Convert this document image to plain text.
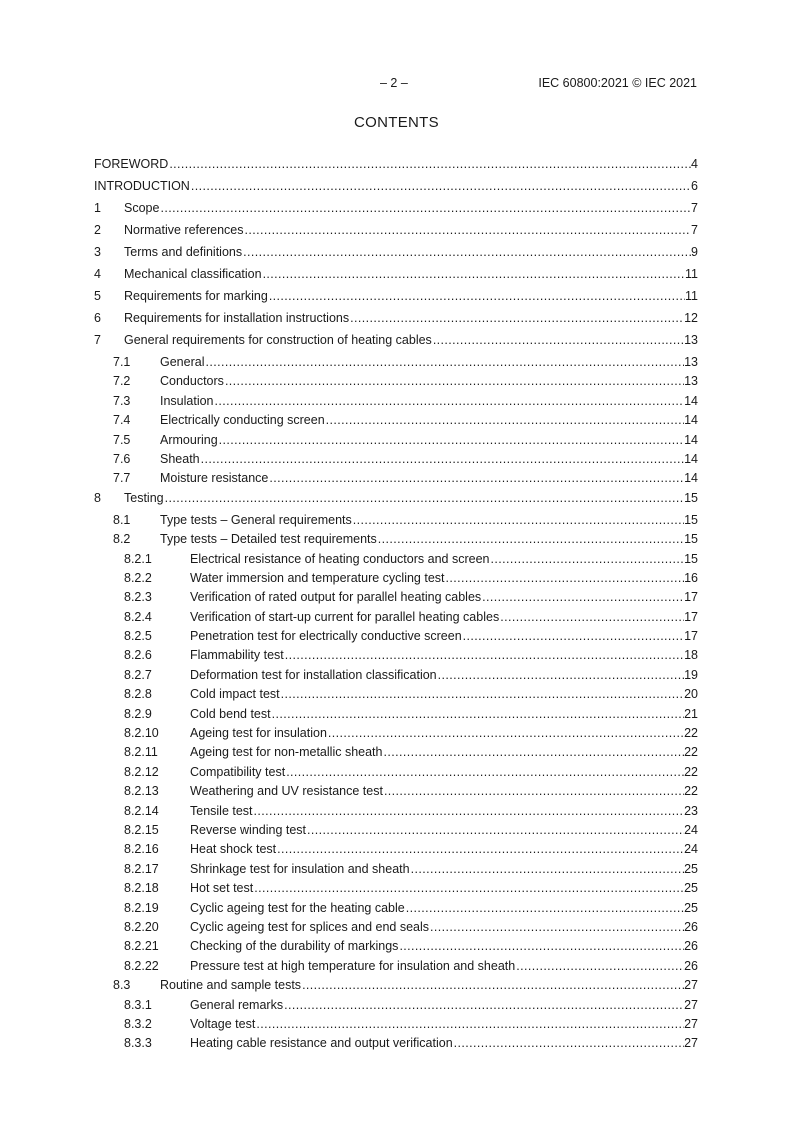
– 2 –	IEC 60800:2021 © IEC 2021
CONTENTS
FOREWORD .....	4
INTRODUCTION .....	6
1	Scope .....	7
2	Normative references .....	7
3	Terms and definitions .....	9
4	Mechanical classification .....	11
5	Requirements for marking .....	11
6	Requirements for installation instructions .....	12
7	General requirements for construction of heating cables .....	13
7.1	General .....	13
7.2	Conductors .....	13
7.3	Insulation .....	14
7.4	Electrically conducting screen .....	14
7.5	Armouring .....	14
7.6	Sheath .....	14
7.7	Moisture resistance .....	14
8	Testing .....	15
8.1	Type tests – General requirements .....	15
8.2	Type tests – Detailed test requirements .....	15
8.2.1	Electrical resistance of heating conductors and screen .....	15
8.2.2	Water immersion and temperature cycling test .....	16
8.2.3	Verification of rated output for parallel heating cables .....	17
8.2.4	Verification of start-up current for parallel heating cables .....	17
8.2.5	Penetration test for electrically conductive screen .....	17
8.2.6	Flammability test .....	18
8.2.7	Deformation test for installation classification .....	19
8.2.8	Cold impact test .....	20
8.2.9	Cold bend test .....	21
8.2.10	Ageing test for insulation .....	22
8.2.11	Ageing test for non-metallic sheath .....	22
8.2.12	Compatibility test .....	22
8.2.13	Weathering and UV resistance test .....	22
8.2.14	Tensile test .....	23
8.2.15	Reverse winding test .....	24
8.2.16	Heat shock test .....	24
8.2.17	Shrinkage test for insulation and sheath .....	25
8.2.18	Hot set test .....	25
8.2.19	Cyclic ageing test for the heating cable .....	25
8.2.20	Cyclic ageing test for splices and end seals .....	26
8.2.21	Checking of the durability of markings .....	26
8.2.22	Pressure test at high temperature for insulation and sheath .....	26
8.3	Routine and sample tests .....	27
8.3.1	General remarks .....	27
8.3.2	Voltage test .....	27
8.3.3	Heating cable resistance and output verification .....	27
